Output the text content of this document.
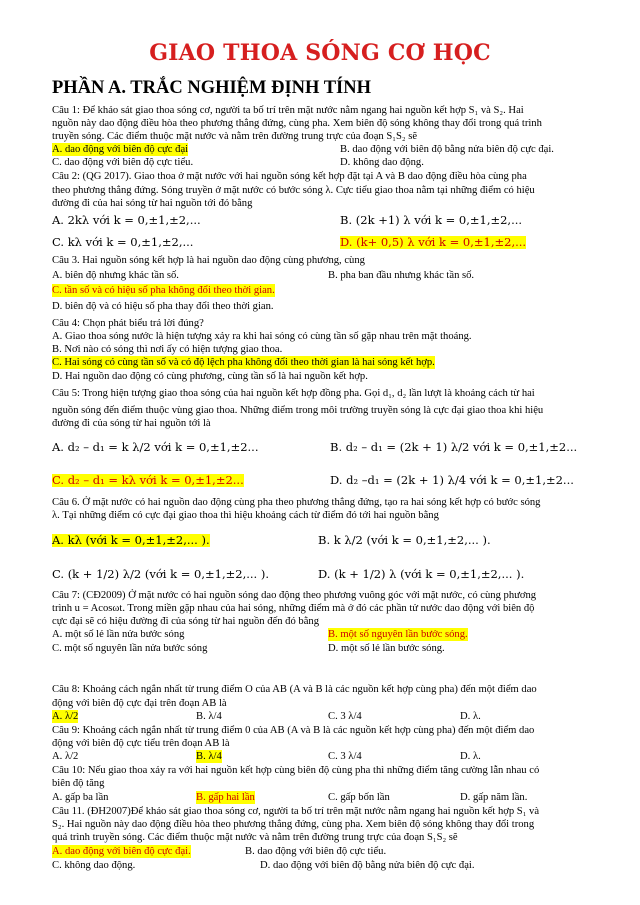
GIAO THOA SÓNG CƠ HỌC
PHẦN A. TRẮC NGHIỆM ĐỊNH TÍNH
Câu 1: Để khảo sát giao thoa sóng cơ, người ta bố trí trên mặt nước nằm ngang hai nguồn kết hợp S₁ và S₂. Hai
nguồn này dao động điều hòa theo phương thẳng đứng, cùng pha. Xem biên độ sóng không thay đổi trong quá trình
truyền sóng. Các điểm thuộc mặt nước và nằm trên đường trung trực của đoạn S₁S₂ sẽ
A. dao động với biên độ cực đại	B. dao động với biên độ bằng nửa biên độ cực đại.
C. dao động với biên độ cực tiểu.	D. không dao động.
Câu 2: (QG 2017). Giao thoa ở mặt nước với hai nguồn sóng kết hợp đặt tại A và B dao động điều hòa cùng pha
theo phương thẳng đứng. Sóng truyền ở mặt nước có bước sóng λ. Cực tiểu giao thoa nằm tại những điểm có hiệu
đường đi của hai sóng từ hai nguồn tới đó bằng
A. 2kλ với k = 0,±1,±2,...	B. (2k +1) λ với k = 0,±1,±2,...
C. kλ với k = 0,±1,±2,...	D. (k+ 0,5) λ với k = 0,±1,±2,...
Câu 3. Hai nguồn sóng kết hợp là hai nguồn dao động cùng phương, cùng
A. biên độ nhưng khác tần số.	B. pha ban đầu nhưng khác tần số.
C. tần số và có hiệu số pha không đổi theo thời gian.
D. biên độ và có hiệu số pha thay đổi theo thời gian.
Câu 4: Chọn phát biểu trả lời đúng?
A. Giao thoa sóng nước là hiện tượng xảy ra khi hai sóng có cùng tần số gặp nhau trên mặt thoáng.
B. Nơi nào có sóng thì nơi ấy có hiện tượng giao thoa.
C. Hai sóng có cùng tần số và có độ lệch pha không đổi theo thời gian là hai sóng kết hợp.
D. Hai nguồn dao động có cùng phương, cùng tần số là hai nguồn kết hợp.
Câu 5: Trong hiện tượng giao thoa sóng của hai nguồn kết hợp đồng pha. Gọi d₁, d₂ lần lượt là khoảng cách từ hai
nguồn sóng đến điểm thuộc vùng giao thoa. Những điểm trong môi trường truyền sóng là cực đại giao thoa khi hiệu
đường đi của sóng từ hai nguồn tới là
A. d₂ – d₁ = k λ/2 với k = 0,±1,±2...	B. d₂ – d₁ = (2k + 1) λ/2 với k = 0,±1,±2...
C. d₂ – d₁ = kλ với k = 0,±1,±2...	D. d₂ –d₁ = (2k + 1) λ/4 với k = 0,±1,±2...
Câu 6. Ở mặt nước có hai nguồn dao động cùng pha theo phương thẳng đứng, tạo ra hai sóng kết hợp có bước sóng
λ. Tại những điểm có cực đại giao thoa thì hiệu khoảng cách từ điểm đó tới hai nguồn bằng
A. kλ (với k = 0,±1,±2,... ).	B. k λ/2 (với k = 0,±1,±2,... ).
C. (k + 1/2) λ/2 (với k = 0,±1,±2,... ).	D. (k + 1/2) λ (với k = 0,±1,±2,... ).
Câu 7: (CĐ2009) Ở mặt nước có hai nguồn sóng dao động theo phương vuông góc với mặt nước, có cùng phương
trình u = Acosωt. Trong miền gặp nhau của hai sóng, những điểm mà ở đó các phần tử nước dao động với biên độ
cực đại sẽ có hiệu đường đi của sóng từ hai nguồn đến đó bằng
A. một số lẻ lần nửa bước sóng	B. một số nguyên lần bước sóng.
C. một số nguyên lần nửa bước sóng	D. một số lẻ lần bước sóng.
Câu 8: Khoảng cách ngắn nhất từ trung điểm O của AB (A và B là các nguồn kết hợp cùng pha) đến một điểm dao
động với biên độ cực đại trên đoạn AB là
A. λ/2	B. λ/4	C. 3 λ/4	D. λ.
Câu 9: Khoảng cách ngắn nhất từ trung điểm 0 của AB (A và B là các nguồn kết hợp cùng pha) đến một điểm dao
động với biên độ cực tiểu trên đoạn AB là
A. λ/2	B. λ/4	C. 3 λ/4	D. λ.
Câu 10: Nếu giao thoa xảy ra với hai nguồn kết hợp cùng biên độ cùng pha thì những điểm tăng cường lẫn nhau có
biên độ tăng
A. gấp ba lần	B. gấp hai lần	C. gấp bốn lần	D. gấp năm lần.
Câu 11. (ĐH2007)Để khảo sát giao thoa sóng cơ, người ta bố trí trên mặt nước nằm ngang hai nguồn kết hợp S₁ và
S₂. Hai nguồn này dao động điều hòa theo phương thẳng đứng, cùng pha. Xem biên độ sóng không thay đổi trong
quá trình truyền sóng. Các điểm thuộc mặt nước và nằm trên đường trung trực của đoạn S₁S₂ sẽ
A. dao động với biên độ cực đại.	B. dao động với biên độ cực tiểu.
C. không dao động.	D. dao động với biên độ bằng nửa biên độ cực đại.
